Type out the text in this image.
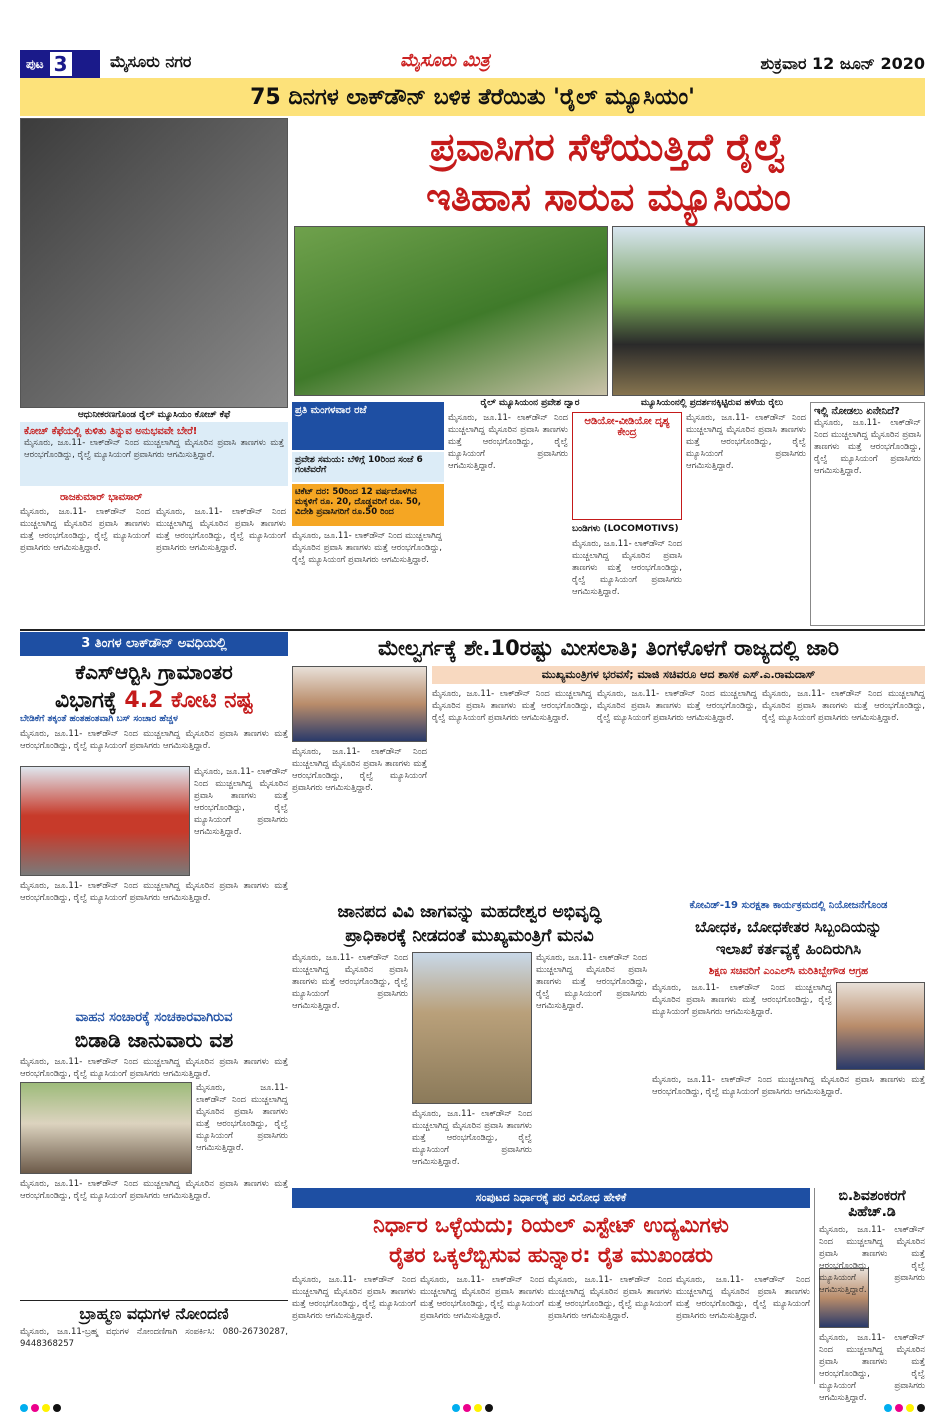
ಪುಟ 3	ಮೈಸೂರು ನಗರ	ಮೈಸೂರು ಮಿತ್ರ	ಶುಕ್ರವಾರ 12 ಜೂನ್ 2020
75 ದಿನಗಳ ಲಾಕ್‍ಡೌನ್ ಬಳಿಕ ತೆರೆಯಿತು 'ರೈಲ್ ಮ್ಯೂಸಿಯಂ'
ಆಧುನೀಕರಣಗೊಂಡ ರೈಲ್ ಮ್ಯೂಸಿಯಂ ಕೋಚ್ ಕೆಫೆ
ಪ್ರವಾಸಿಗರ ಸೆಳೆಯುತ್ತಿದೆ ರೈಲ್ವೆ
ಇತಿಹಾಸ ಸಾರುವ ಮ್ಯೂಸಿಯಂ
ರೈಲ್ ಮ್ಯೂಸಿಯಂನ ಪ್ರವೇಶ ದ್ವಾರ	ಮ್ಯೂಸಿಯಂನಲ್ಲಿ ಪ್ರದರ್ಶನಕ್ಕಿಟ್ಟಿರುವ ಹಳೆಯ ರೈಲು
ಕೋಚ್ ಕೆಫೆಯಲ್ಲಿ ಕುಳಿತು ತಿನ್ನುವ ಅನುಭವವೇ ಬೇರೆ!
ಮೈಸೂರು, ಜೂ.11- ಲಾಕ್‍ಡೌನ್ ನಿಂದ ಮುಚ್ಚಲಾಗಿದ್ದ ಮೈಸೂರಿನ ಪ್ರವಾಸಿ ತಾಣಗಳು ಮತ್ತೆ ಆರಂಭಗೊಂಡಿದ್ದು, ರೈಲ್ವೆ ಮ್ಯೂಸಿಯಂಗೆ ಪ್ರವಾಸಿಗರು ಆಗಮಿಸುತ್ತಿದ್ದಾರೆ.
ರಾಜಕುಮಾರ್ ಭಾವಸಾರ್
ಮೈಸೂರು, ಜೂ.11- ಲಾಕ್‍ಡೌನ್ ನಿಂದ ಮುಚ್ಚಲಾಗಿದ್ದ ಮೈಸೂರಿನ ಪ್ರವಾಸಿ ತಾಣಗಳು ಮತ್ತೆ ಆರಂಭಗೊಂಡಿದ್ದು, ರೈಲ್ವೆ ಮ್ಯೂಸಿಯಂಗೆ ಪ್ರವಾಸಿಗರು ಆಗಮಿಸುತ್ತಿದ್ದಾರೆ.
ಮೈಸೂರು, ಜೂ.11- ಲಾಕ್‍ಡೌನ್ ನಿಂದ ಮುಚ್ಚಲಾಗಿದ್ದ ಮೈಸೂರಿನ ಪ್ರವಾಸಿ ತಾಣಗಳು ಮತ್ತೆ ಆರಂಭಗೊಂಡಿದ್ದು, ರೈಲ್ವೆ ಮ್ಯೂಸಿಯಂಗೆ ಪ್ರವಾಸಿಗರು ಆಗಮಿಸುತ್ತಿದ್ದಾರೆ.
ಪ್ರತಿ ಮಂಗಳವಾರ ರಜೆ
ಪ್ರವೇಶ ಸಮಯ: ಬೆಳಿಗ್ಗೆ 10ರಿಂದ ಸಂಜೆ 6 ಗಂಟೆವರೆಗೆ
ಟಿಕೆಟ್ ದರ: 50ರಿಂದ 12 ವರ್ಷದೊಳಗಿನ ಮಕ್ಕಳಿಗೆ ರೂ. 20, ದೊಡ್ಡವರಿಗೆ ರೂ. 50, ವಿದೇಶಿ ಪ್ರವಾಸಿಗರಿಗೆ ರೂ.50 ರಿಂದ
ಮೈಸೂರು, ಜೂ.11- ಲಾಕ್‍ಡೌನ್ ನಿಂದ ಮುಚ್ಚಲಾಗಿದ್ದ ಮೈಸೂರಿನ ಪ್ರವಾಸಿ ತಾಣಗಳು ಮತ್ತೆ ಆರಂಭಗೊಂಡಿದ್ದು, ರೈಲ್ವೆ ಮ್ಯೂಸಿಯಂಗೆ ಪ್ರವಾಸಿಗರು ಆಗಮಿಸುತ್ತಿದ್ದಾರೆ.
ಮೈಸೂರು, ಜೂ.11- ಲಾಕ್‍ಡೌನ್ ನಿಂದ ಮುಚ್ಚಲಾಗಿದ್ದ ಮೈಸೂರಿನ ಪ್ರವಾಸಿ ತಾಣಗಳು ಮತ್ತೆ ಆರಂಭಗೊಂಡಿದ್ದು, ರೈಲ್ವೆ ಮ್ಯೂಸಿಯಂಗೆ ಪ್ರವಾಸಿಗರು ಆಗಮಿಸುತ್ತಿದ್ದಾರೆ.
ಆಡಿಯೋ-ವೀಡಿಯೋ ದೃಶ್ಯ ಕೇಂದ್ರ
ಬಂಡಿಗಳು (LOCOMOTIVS)
ಮೈಸೂರು, ಜೂ.11- ಲಾಕ್‍ಡೌನ್ ನಿಂದ ಮುಚ್ಚಲಾಗಿದ್ದ ಮೈಸೂರಿನ ಪ್ರವಾಸಿ ತಾಣಗಳು ಮತ್ತೆ ಆರಂಭಗೊಂಡಿದ್ದು, ರೈಲ್ವೆ ಮ್ಯೂಸಿಯಂಗೆ ಪ್ರವಾಸಿಗರು ಆಗಮಿಸುತ್ತಿದ್ದಾರೆ.
ಮೈಸೂರು, ಜೂ.11- ಲಾಕ್‍ಡೌನ್ ನಿಂದ ಮುಚ್ಚಲಾಗಿದ್ದ ಮೈಸೂರಿನ ಪ್ರವಾಸಿ ತಾಣಗಳು ಮತ್ತೆ ಆರಂಭಗೊಂಡಿದ್ದು, ರೈಲ್ವೆ ಮ್ಯೂಸಿಯಂಗೆ ಪ್ರವಾಸಿಗರು ಆಗಮಿಸುತ್ತಿದ್ದಾರೆ.
ಇಲ್ಲಿ ನೋಡಲು ಏನೇನಿದೆ?
ಮೈಸೂರು, ಜೂ.11- ಲಾಕ್‍ಡೌನ್ ನಿಂದ ಮುಚ್ಚಲಾಗಿದ್ದ ಮೈಸೂರಿನ ಪ್ರವಾಸಿ ತಾಣಗಳು ಮತ್ತೆ ಆರಂಭಗೊಂಡಿದ್ದು, ರೈಲ್ವೆ ಮ್ಯೂಸಿಯಂಗೆ ಪ್ರವಾಸಿಗರು ಆಗಮಿಸುತ್ತಿದ್ದಾರೆ.
3 ತಿಂಗಳ ಲಾಕ್‍ಡೌನ್ ಅವಧಿಯಲ್ಲಿ
ಕೆಎಸ್‍ಆರ್‍ಟಿಸಿ ಗ್ರಾಮಾಂತರ
ವಿಭಾಗಕ್ಕೆ 4.2 ಕೋಟಿ ನಷ್ಟ
ಬೇಡಿಕೆಗೆ ತಕ್ಕಂತೆ ಹಂತಹಂತವಾಗಿ ಬಸ್ ಸಂಚಾರ ಹೆಚ್ಚಳ
ಮೈಸೂರು, ಜೂ.11- ಲಾಕ್‍ಡೌನ್ ನಿಂದ ಮುಚ್ಚಲಾಗಿದ್ದ ಮೈಸೂರಿನ ಪ್ರವಾಸಿ ತಾಣಗಳು ಮತ್ತೆ ಆರಂಭಗೊಂಡಿದ್ದು, ರೈಲ್ವೆ ಮ್ಯೂಸಿಯಂಗೆ ಪ್ರವಾಸಿಗರು ಆಗಮಿಸುತ್ತಿದ್ದಾರೆ.
ಮೈಸೂರು, ಜೂ.11- ಲಾಕ್‍ಡೌನ್ ನಿಂದ ಮುಚ್ಚಲಾಗಿದ್ದ ಮೈಸೂರಿನ ಪ್ರವಾಸಿ ತಾಣಗಳು ಮತ್ತೆ ಆರಂಭಗೊಂಡಿದ್ದು, ರೈಲ್ವೆ ಮ್ಯೂಸಿಯಂಗೆ ಪ್ರವಾಸಿಗರು ಆಗಮಿಸುತ್ತಿದ್ದಾರೆ.
ಮೈಸೂರು, ಜೂ.11- ಲಾಕ್‍ಡೌನ್ ನಿಂದ ಮುಚ್ಚಲಾಗಿದ್ದ ಮೈಸೂರಿನ ಪ್ರವಾಸಿ ತಾಣಗಳು ಮತ್ತೆ ಆರಂಭಗೊಂಡಿದ್ದು, ರೈಲ್ವೆ ಮ್ಯೂಸಿಯಂಗೆ ಪ್ರವಾಸಿಗರು ಆಗಮಿಸುತ್ತಿದ್ದಾರೆ.
ಮೇಲ್ವರ್ಗಕ್ಕೆ ಶೇ.10ರಷ್ಟು ಮೀಸಲಾತಿ; ತಿಂಗಳೊಳಗೆ ರಾಜ್ಯದಲ್ಲಿ ಜಾರಿ
ಮುಖ್ಯಮಂತ್ರಿಗಳ ಭರವಸೆ; ಮಾಜಿ ಸಚಿವರೂ ಆದ ಶಾಸಕ ಎಸ್.ಎ.ರಾಮದಾಸ್
ಮೈಸೂರು, ಜೂ.11- ಲಾಕ್‍ಡೌನ್ ನಿಂದ ಮುಚ್ಚಲಾಗಿದ್ದ ಮೈಸೂರಿನ ಪ್ರವಾಸಿ ತಾಣಗಳು ಮತ್ತೆ ಆರಂಭಗೊಂಡಿದ್ದು, ರೈಲ್ವೆ ಮ್ಯೂಸಿಯಂಗೆ ಪ್ರವಾಸಿಗರು ಆಗಮಿಸುತ್ತಿದ್ದಾರೆ.
ಮೈಸೂರು, ಜೂ.11- ಲಾಕ್‍ಡೌನ್ ನಿಂದ ಮುಚ್ಚಲಾಗಿದ್ದ ಮೈಸೂರಿನ ಪ್ರವಾಸಿ ತಾಣಗಳು ಮತ್ತೆ ಆರಂಭಗೊಂಡಿದ್ದು, ರೈಲ್ವೆ ಮ್ಯೂಸಿಯಂಗೆ ಪ್ರವಾಸಿಗರು ಆಗಮಿಸುತ್ತಿದ್ದಾರೆ.
ಮೈಸೂರು, ಜೂ.11- ಲಾಕ್‍ಡೌನ್ ನಿಂದ ಮುಚ್ಚಲಾಗಿದ್ದ ಮೈಸೂರಿನ ಪ್ರವಾಸಿ ತಾಣಗಳು ಮತ್ತೆ ಆರಂಭಗೊಂಡಿದ್ದು, ರೈಲ್ವೆ ಮ್ಯೂಸಿಯಂಗೆ ಪ್ರವಾಸಿಗರು ಆಗಮಿಸುತ್ತಿದ್ದಾರೆ.
ಮೈಸೂರು, ಜೂ.11- ಲಾಕ್‍ಡೌನ್ ನಿಂದ ಮುಚ್ಚಲಾಗಿದ್ದ ಮೈಸೂರಿನ ಪ್ರವಾಸಿ ತಾಣಗಳು ಮತ್ತೆ ಆರಂಭಗೊಂಡಿದ್ದು, ರೈಲ್ವೆ ಮ್ಯೂಸಿಯಂಗೆ ಪ್ರವಾಸಿಗರು ಆಗಮಿಸುತ್ತಿದ್ದಾರೆ.
ಜಾನಪದ ವಿವಿ ಜಾಗವನ್ನು ಮಹದೇಶ್ವರ ಅಭಿವೃದ್ಧಿ
ಪ್ರಾಧಿಕಾರಕ್ಕೆ ನೀಡದಂತೆ ಮುಖ್ಯಮಂತ್ರಿಗೆ ಮನವಿ
ಮೈಸೂರು, ಜೂ.11- ಲಾಕ್‍ಡೌನ್ ನಿಂದ ಮುಚ್ಚಲಾಗಿದ್ದ ಮೈಸೂರಿನ ಪ್ರವಾಸಿ ತಾಣಗಳು ಮತ್ತೆ ಆರಂಭಗೊಂಡಿದ್ದು, ರೈಲ್ವೆ ಮ್ಯೂಸಿಯಂಗೆ ಪ್ರವಾಸಿಗರು ಆಗಮಿಸುತ್ತಿದ್ದಾರೆ.
ಮೈಸೂರು, ಜೂ.11- ಲಾಕ್‍ಡೌನ್ ನಿಂದ ಮುಚ್ಚಲಾಗಿದ್ದ ಮೈಸೂರಿನ ಪ್ರವಾಸಿ ತಾಣಗಳು ಮತ್ತೆ ಆರಂಭಗೊಂಡಿದ್ದು, ರೈಲ್ವೆ ಮ್ಯೂಸಿಯಂಗೆ ಪ್ರವಾಸಿಗರು ಆಗಮಿಸುತ್ತಿದ್ದಾರೆ.
ಮೈಸೂರು, ಜೂ.11- ಲಾಕ್‍ಡೌನ್ ನಿಂದ ಮುಚ್ಚಲಾಗಿದ್ದ ಮೈಸೂರಿನ ಪ್ರವಾಸಿ ತಾಣಗಳು ಮತ್ತೆ ಆರಂಭಗೊಂಡಿದ್ದು, ರೈಲ್ವೆ ಮ್ಯೂಸಿಯಂಗೆ ಪ್ರವಾಸಿಗರು ಆಗಮಿಸುತ್ತಿದ್ದಾರೆ.
ಕೋವಿಡ್-19 ಸುರಕ್ಷತಾ ಕಾರ್ಯಕ್ರಮದಲ್ಲಿ ನಿಯೋಜನೆಗೊಂಡ
ಬೋಧಕ, ಬೋಧಕೇತರ ಸಿಬ್ಬಂದಿಯನ್ನು
ಇಲಾಖೆ ಕರ್ತವ್ಯಕ್ಕೆ ಹಿಂದಿರುಗಿಸಿ
ಶಿಕ್ಷಣ ಸಚಿವರಿಗೆ ಎಂಎಲ್‍ಸಿ ಮರಿತಿಬ್ಬೇಗೌಡ ಆಗ್ರಹ
ಮೈಸೂರು, ಜೂ.11- ಲಾಕ್‍ಡೌನ್ ನಿಂದ ಮುಚ್ಚಲಾಗಿದ್ದ ಮೈಸೂರಿನ ಪ್ರವಾಸಿ ತಾಣಗಳು ಮತ್ತೆ ಆರಂಭಗೊಂಡಿದ್ದು, ರೈಲ್ವೆ ಮ್ಯೂಸಿಯಂಗೆ ಪ್ರವಾಸಿಗರು ಆಗಮಿಸುತ್ತಿದ್ದಾರೆ.
ಮೈಸೂರು, ಜೂ.11- ಲಾಕ್‍ಡೌನ್ ನಿಂದ ಮುಚ್ಚಲಾಗಿದ್ದ ಮೈಸೂರಿನ ಪ್ರವಾಸಿ ತಾಣಗಳು ಮತ್ತೆ ಆರಂಭಗೊಂಡಿದ್ದು, ರೈಲ್ವೆ ಮ್ಯೂಸಿಯಂಗೆ ಪ್ರವಾಸಿಗರು ಆಗಮಿಸುತ್ತಿದ್ದಾರೆ.
ವಾಹನ ಸಂಚಾರಕ್ಕೆ ಸಂಚಕಾರವಾಗಿರುವ
ಬಿಡಾಡಿ ಜಾನುವಾರು ವಶ
ಮೈಸೂರು, ಜೂ.11- ಲಾಕ್‍ಡೌನ್ ನಿಂದ ಮುಚ್ಚಲಾಗಿದ್ದ ಮೈಸೂರಿನ ಪ್ರವಾಸಿ ತಾಣಗಳು ಮತ್ತೆ ಆರಂಭಗೊಂಡಿದ್ದು, ರೈಲ್ವೆ ಮ್ಯೂಸಿಯಂಗೆ ಪ್ರವಾಸಿಗರು ಆಗಮಿಸುತ್ತಿದ್ದಾರೆ.
ಮೈಸೂರು, ಜೂ.11- ಲಾಕ್‍ಡೌನ್ ನಿಂದ ಮುಚ್ಚಲಾಗಿದ್ದ ಮೈಸೂರಿನ ಪ್ರವಾಸಿ ತಾಣಗಳು ಮತ್ತೆ ಆರಂಭಗೊಂಡಿದ್ದು, ರೈಲ್ವೆ ಮ್ಯೂಸಿಯಂಗೆ ಪ್ರವಾಸಿಗರು ಆಗಮಿಸುತ್ತಿದ್ದಾರೆ.
ಮೈಸೂರು, ಜೂ.11- ಲಾಕ್‍ಡೌನ್ ನಿಂದ ಮುಚ್ಚಲಾಗಿದ್ದ ಮೈಸೂರಿನ ಪ್ರವಾಸಿ ತಾಣಗಳು ಮತ್ತೆ ಆರಂಭಗೊಂಡಿದ್ದು, ರೈಲ್ವೆ ಮ್ಯೂಸಿಯಂಗೆ ಪ್ರವಾಸಿಗರು ಆಗಮಿಸುತ್ತಿದ್ದಾರೆ.
ಬ್ರಾಹ್ಮಣ ವಧುಗಳ ನೋಂದಣಿ
ಮೈಸೂರು, ಜೂ.11-ಬ್ರಹ್ಮ ವಧುಗಳ ನೋಂದಣಿಗಾಗಿ ಸಂಪರ್ಕಿಸಿ: 080-26730287, 9448368257
ಸಂಪುಟದ ನಿರ್ಧಾರಕ್ಕೆ ಪರ ವಿರೋಧ ಹೇಳಿಕೆ
ನಿರ್ಧಾರ ಒಳ್ಳೆಯದು; ರಿಯಲ್ ಎಸ್ಟೇಟ್ ಉದ್ಯಮಿಗಳು
ರೈತರ ಒಕ್ಕಲೆಬ್ಬಿಸುವ ಹುನ್ನಾರ: ರೈತ ಮುಖಂಡರು
ಮೈಸೂರು, ಜೂ.11- ಲಾಕ್‍ಡೌನ್ ನಿಂದ ಮುಚ್ಚಲಾಗಿದ್ದ ಮೈಸೂರಿನ ಪ್ರವಾಸಿ ತಾಣಗಳು ಮತ್ತೆ ಆರಂಭಗೊಂಡಿದ್ದು, ರೈಲ್ವೆ ಮ್ಯೂಸಿಯಂಗೆ ಪ್ರವಾಸಿಗರು ಆಗಮಿಸುತ್ತಿದ್ದಾರೆ.
ಮೈಸೂರು, ಜೂ.11- ಲಾಕ್‍ಡೌನ್ ನಿಂದ ಮುಚ್ಚಲಾಗಿದ್ದ ಮೈಸೂರಿನ ಪ್ರವಾಸಿ ತಾಣಗಳು ಮತ್ತೆ ಆರಂಭಗೊಂಡಿದ್ದು, ರೈಲ್ವೆ ಮ್ಯೂಸಿಯಂಗೆ ಪ್ರವಾಸಿಗರು ಆಗಮಿಸುತ್ತಿದ್ದಾರೆ.
ಮೈಸೂರು, ಜೂ.11- ಲಾಕ್‍ಡೌನ್ ನಿಂದ ಮುಚ್ಚಲಾಗಿದ್ದ ಮೈಸೂರಿನ ಪ್ರವಾಸಿ ತಾಣಗಳು ಮತ್ತೆ ಆರಂಭಗೊಂಡಿದ್ದು, ರೈಲ್ವೆ ಮ್ಯೂಸಿಯಂಗೆ ಪ್ರವಾಸಿಗರು ಆಗಮಿಸುತ್ತಿದ್ದಾರೆ.
ಮೈಸೂರು, ಜೂ.11- ಲಾಕ್‍ಡೌನ್ ನಿಂದ ಮುಚ್ಚಲಾಗಿದ್ದ ಮೈಸೂರಿನ ಪ್ರವಾಸಿ ತಾಣಗಳು ಮತ್ತೆ ಆರಂಭಗೊಂಡಿದ್ದು, ರೈಲ್ವೆ ಮ್ಯೂಸಿಯಂಗೆ ಪ್ರವಾಸಿಗರು ಆಗಮಿಸುತ್ತಿದ್ದಾರೆ.
ಬಿ.ಶಿವಶಂಕರಗೆ
ಪಿಹೆಚ್.ಡಿ
ಮೈಸೂರು, ಜೂ.11- ಲಾಕ್‍ಡೌನ್ ನಿಂದ ಮುಚ್ಚಲಾಗಿದ್ದ ಮೈಸೂರಿನ ಪ್ರವಾಸಿ ತಾಣಗಳು ಮತ್ತೆ ಆರಂಭಗೊಂಡಿದ್ದು, ರೈಲ್ವೆ ಮ್ಯೂಸಿಯಂಗೆ ಪ್ರವಾಸಿಗರು ಆಗಮಿಸುತ್ತಿದ್ದಾರೆ.
ಮೈಸೂರು, ಜೂ.11- ಲಾಕ್‍ಡೌನ್ ನಿಂದ ಮುಚ್ಚಲಾಗಿದ್ದ ಮೈಸೂರಿನ ಪ್ರವಾಸಿ ತಾಣಗಳು ಮತ್ತೆ ಆರಂಭಗೊಂಡಿದ್ದು, ರೈಲ್ವೆ ಮ್ಯೂಸಿಯಂಗೆ ಪ್ರವಾಸಿಗರು ಆಗಮಿಸುತ್ತಿದ್ದಾರೆ.
